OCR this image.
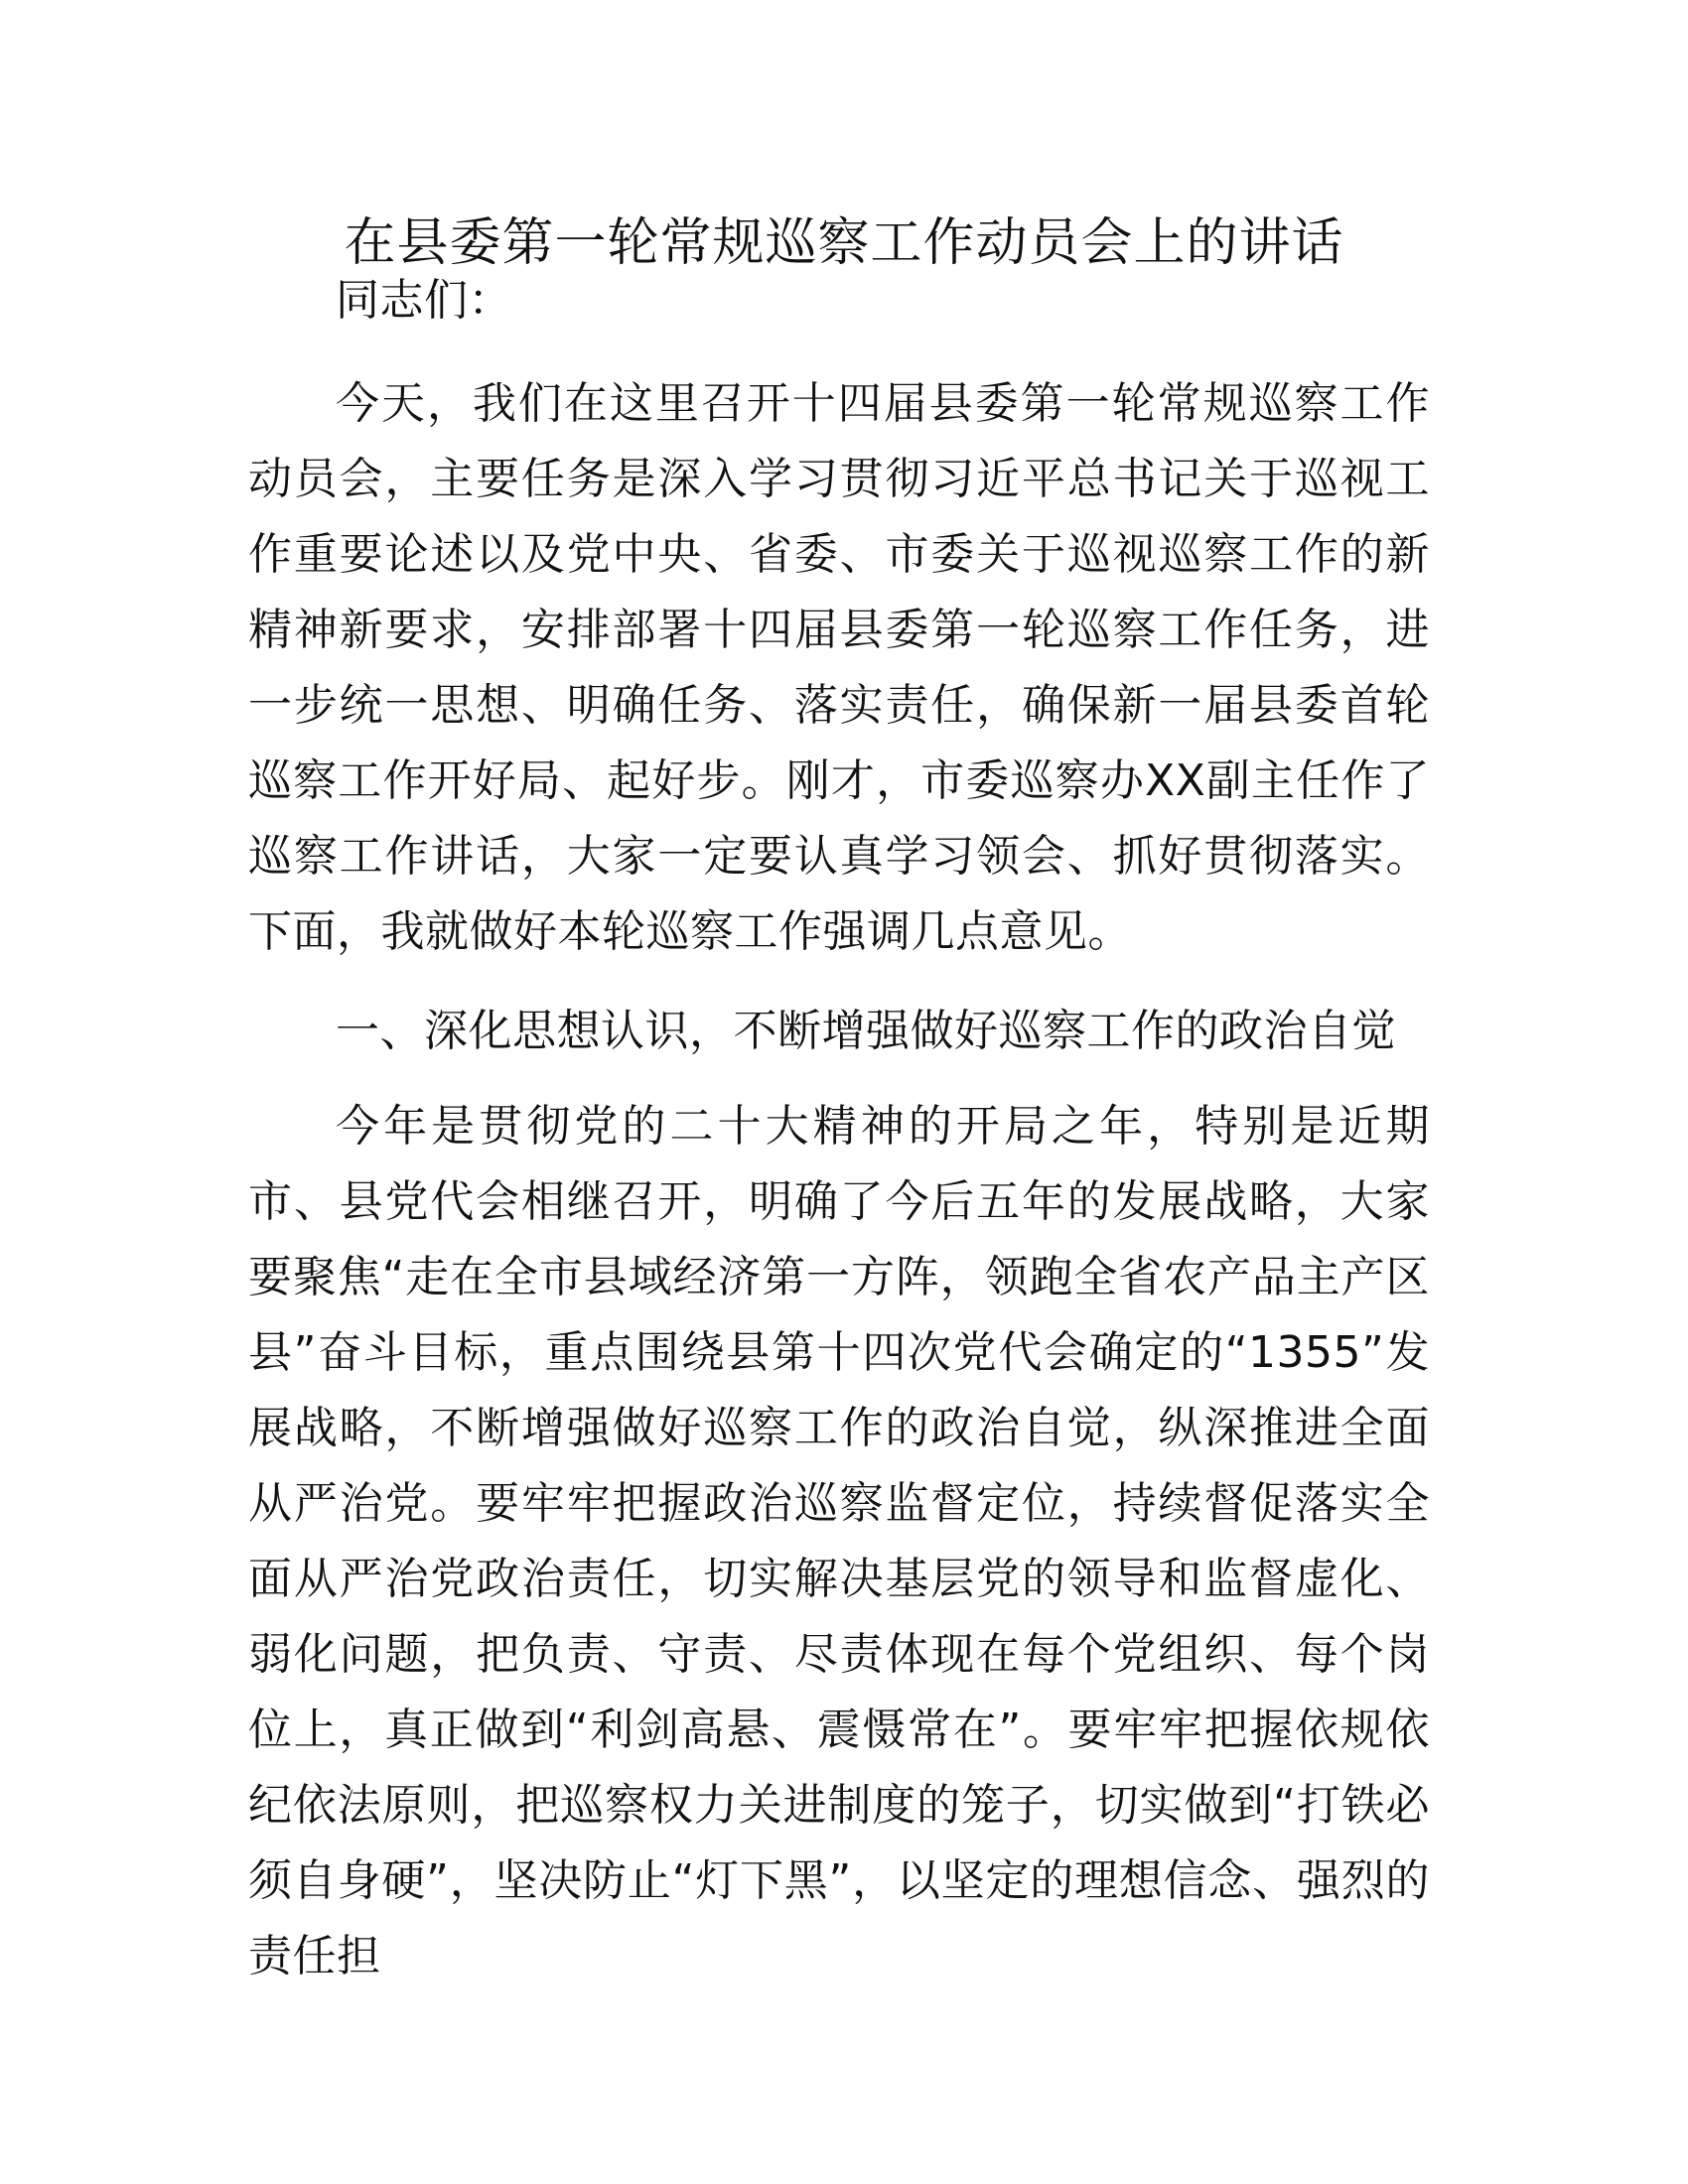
在县委第一轮常规巡察工作动员会上的讲话

同志们：

今天，我们在这里召开十四届县委第一轮常规巡察工作动员会，主要任务是深入学习贯彻习近平总书记关于巡视工作重要论述以及党中央、省委、市委关于巡视巡察工作的新精神新要求，安排部署十四届县委第一轮巡察工作任务，进一步统一思想、明确任务、落实责任，确保新一届县委首轮巡察工作开好局、起好步。刚才，市委巡察办XX副主任作了巡察工作讲话，大家一定要认真学习领会、抓好贯彻落实。下面，我就做好本轮巡察工作强调几点意见。

一、深化思想认识，不断增强做好巡察工作的政治自觉

今年是贯彻党的二十大精神的开局之年，特别是近期市、县党代会相继召开，明确了今后五年的发展战略，大家要聚焦“走在全市县域经济第一方阵，领跑全省农产品主产区县”奋斗目标，重点围绕县第十四次党代会确定的“1355”发展战略，不断增强做好巡察工作的政治自觉，纵深推进全面从严治党。要牢牢把握政治巡察监督定位，持续督促落实全面从严治党政治责任，切实解决基层党的领导和监督虚化、弱化问题，把负责、守责、尽责体现在每个党组织、每个岗位上，真正做到“利剑高悬、震慑常在”。要牢牢把握依规依纪依法原则，把巡察权力关进制度的笼子，切实做到“打铁必须自身硬”，坚决防止“灯下黑”，以坚定的理想信念、强烈的责任担
